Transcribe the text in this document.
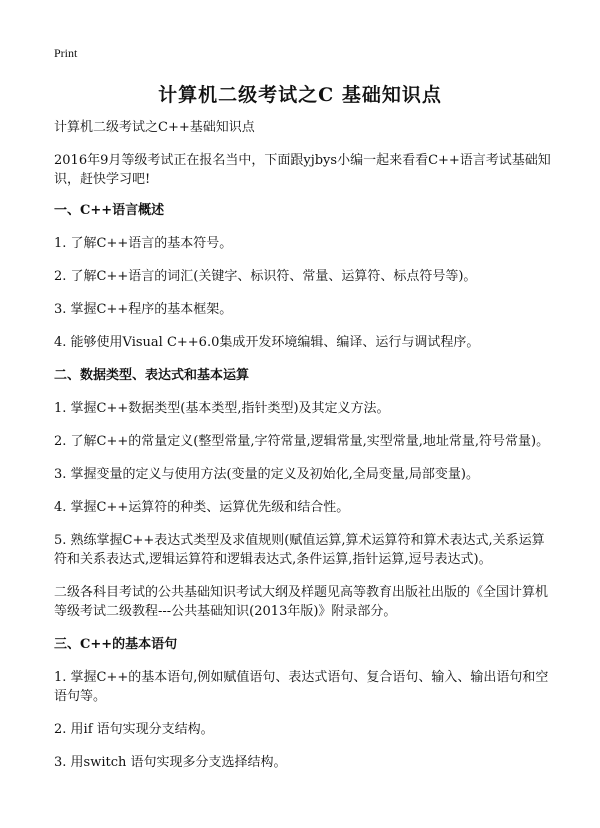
Print
计算机二级考试之C 基础知识点

计算机二级考试之C++基础知识点

2016年9月等级考试正在报名当中，下面跟yjbys小编一起来看看C++语言考试基础知识，赶快学习吧!

一、C++语言概述

1. 了解C++语言的基本符号。

2. 了解C++语言的词汇(关键字、标识符、常量、运算符、标点符号等)。

3. 掌握C++程序的基本框架。

4. 能够使用Visual C++6.0集成开发环境编辑、编译、运行与调试程序。

二、数据类型、表达式和基本运算

1. 掌握C++数据类型(基本类型,指针类型)及其定义方法。

2. 了解C++的常量定义(整型常量,字符常量,逻辑常量,实型常量,地址常量,符号常量)。

3. 掌握变量的定义与使用方法(变量的定义及初始化,全局变量,局部变量)。

4. 掌握C++运算符的种类、运算优先级和结合性。

5. 熟练掌握C++表达式类型及求值规则(赋值运算,算术运算符和算术表达式,关系运算符和关系表达式,逻辑运算符和逻辑表达式,条件运算,指针运算,逗号表达式)。

二级各科目考试的公共基础知识考试大纲及样题见高等教育出版社出版的《全国计算机等级考试二级教程---公共基础知识(2013年版)》附录部分。

三、C++的基本语句

1. 掌握C++的基本语句,例如赋值语句、表达式语句、复合语句、输入、输出语句和空语句等。

2. 用if 语句实现分支结构。

3. 用switch 语句实现多分支选择结构。
